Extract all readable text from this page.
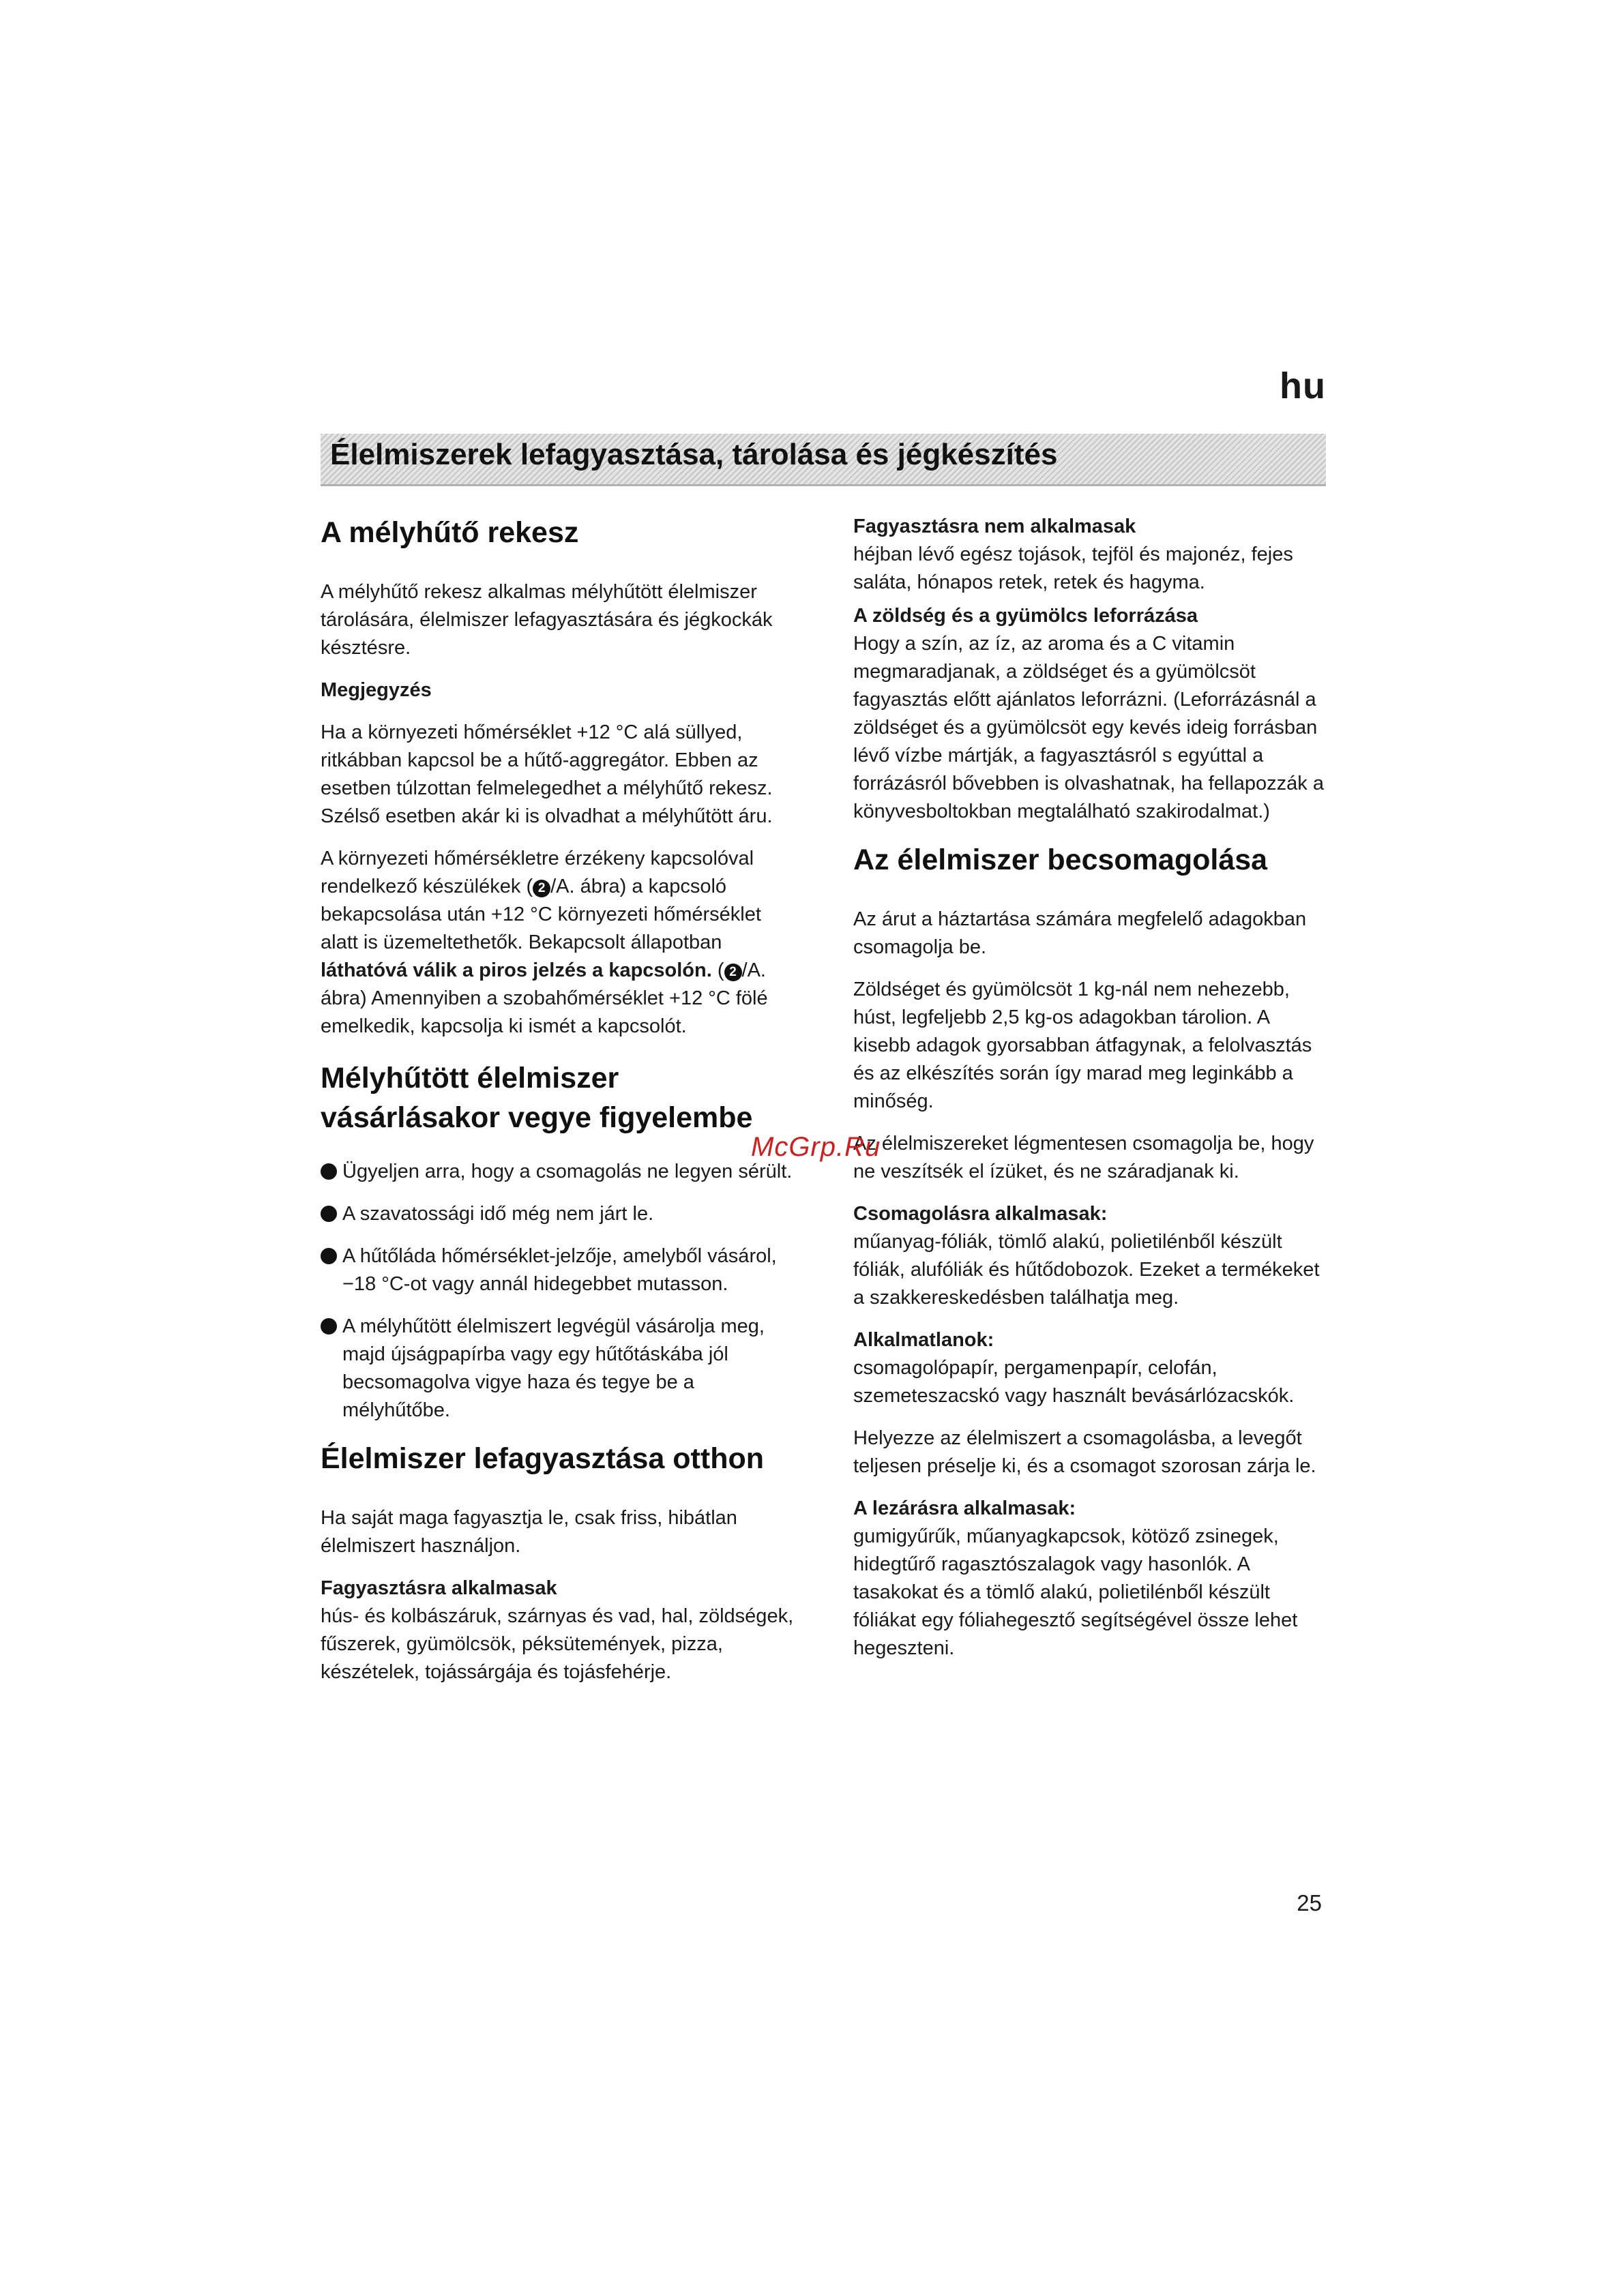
hu
Élelmiszerek lefagyasztása, tárolása és jégkészítés
A mélyhűtő rekesz

A mélyhűtő rekesz alkalmas mélyhűtött élelmiszer tárolására, élelmiszer lefagyasztására és jégkockák késztésre.

Megjegyzés

Ha a környezeti hőmérséklet +12 °C alá süllyed, ritkábban kapcsol be a hűtő-aggregátor. Ebben az esetben túlzottan felmelegedhet a mélyhűtő rekesz. Szélső esetben akár ki is olvadhat a mélyhűtött áru.

A környezeti hőmérsékletre érzékeny kapcsolóval rendelkező készülékek ( 2 /A. ábra) a kapcsoló bekapcsolása után +12 °C környezeti hőmérséklet alatt is üzemeltethetők. Bekapcsolt állapotban láthatóvá válik a piros jelzés a kapcsolón. ( 2 /A. ábra) Amennyiben a szobahőmérséklet +12 °C fölé emelkedik, kapcsolja ki ismét a kapcsolót.

Mélyhűtött élelmiszer vásárlásakor vegye figyelembe
Ügyeljen arra, hogy a csomagolás ne legyen sérült.
A szavatossági idő még nem járt le.
A hűtőláda hőmérséklet-jelzője, amelyből vásárol, −18 °C-ot vagy annál hidegebbet mutasson.
A mélyhűtött élelmiszert legvégül vásárolja meg, majd újságpapírba vagy egy hűtőtáskába jól becsomagolva vigye haza és tegye be a mélyhűtőbe.
Élelmiszer lefagyasztása otthon

Ha saját maga fagyasztja le, csak friss, hibátlan élelmiszert használjon.

Fagyasztásra alkalmasak

hús- és kolbászáruk, szárnyas és vad, hal, zöldségek, fűszerek, gyümölcsök, péksütemények, pizza, készételek, tojássárgája és tojásfehérje.

Fagyasztásra nem alkalmasak

héjban lévő egész tojások, tejföl és majonéz, fejes saláta, hónapos retek, retek és hagyma.

A zöldség és a gyümölcs leforrázása

Hogy a szín, az íz, az aroma és a C vitamin megmaradjanak, a zöldséget és a gyümölcsöt fagyasztás előtt ajánlatos leforrázni. (Leforrázásnál a zöldséget és a gyümölcsöt egy kevés ideig forrásban lévő vízbe mártják, a fagyasztásról s egyúttal a forrázásról bővebben is olvashatnak, ha fellapozzák a könyvesboltokban megtalálható szakirodalmat.)

Az élelmiszer becsomagolása

Az árut a háztartása számára megfelelő adagokban csomagolja be.

Zöldséget és gyümölcsöt 1 kg-nál nem nehezebb, húst, legfeljebb 2,5 kg-os adagokban tárolion. A kisebb adagok gyorsabban átfagynak, a felolvasztás és az elkészítés során így marad meg leginkább a minőség.

Az élelmiszereket légmentesen csomagolja be, hogy ne veszítsék el ízüket, és ne száradjanak ki.

Csomagolásra alkalmasak:

műanyag-fóliák, tömlő alakú, polietilénből készült fóliák, alufóliák és hűtődobozok. Ezeket a termékeket a szakkereskedésben találhatja meg.

Alkalmatlanok:

csomagolópapír, pergamenpapír, celofán, szemeteszacskó vagy használt bevásárlózacskók.

Helyezze az élelmiszert a csomagolásba, a levegőt teljesen préselje ki, és a csomagot szorosan zárja le.

A lezárásra alkalmasak:

gumigyűrűk, műanyagkapcsok, kötöző zsinegek, hidegtűrő ragasztószalagok vagy hasonlók. A tasakokat és a tömlő alakú, polietilénből készült fóliákat egy fóliahegesztő segítségével össze lehet hegeszteni.

McGrp.Ru
25
